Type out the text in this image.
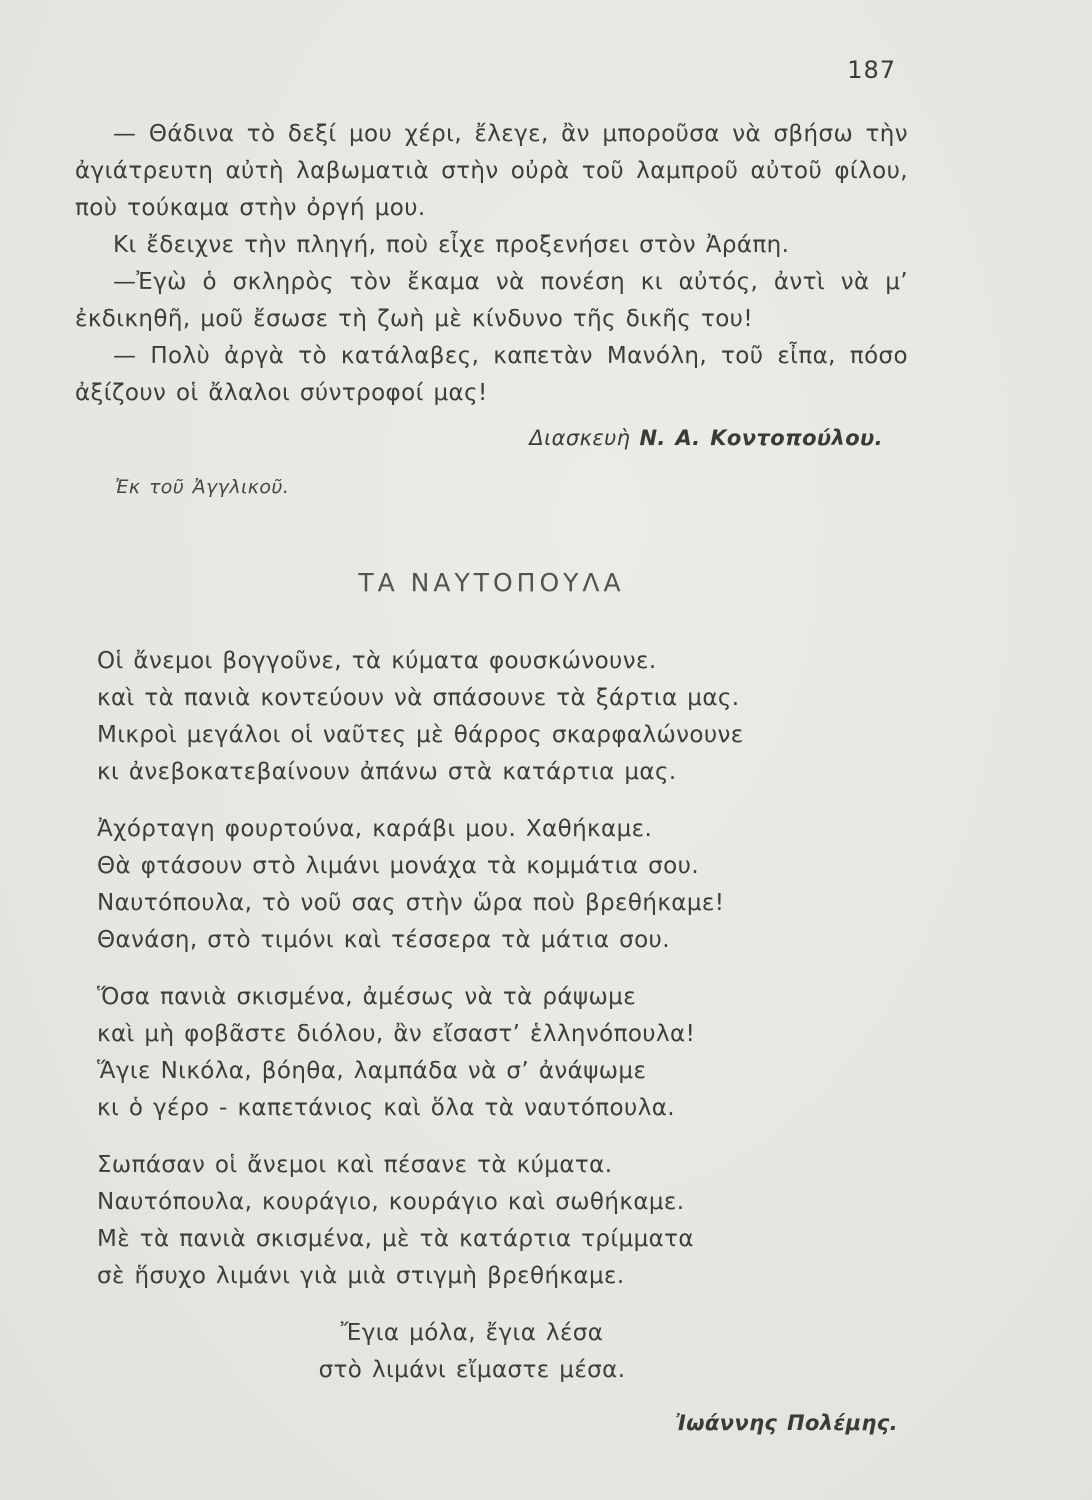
187

— Θάδινα τὸ δεξί μου χέρι, ἔλεγε, ἂν μποροῦσα νὰ σβήσω τὴν ἀγιάτρευτη αὐτὴ λαβωματιὰ στὴν οὐρὰ τοῦ λαμπροῦ αὐτοῦ φίλου, ποὺ τούκαμα στὴν ὀργή μου.

Κι ἔδειχνε τὴν πληγή, ποὺ εἶχε προξενήσει στὸν Ἀράπη.

—Ἐγὼ ὁ σκληρὸς τὸν ἔκαμα νὰ πονέση κι αὐτός, ἀντὶ νὰ μ’ ἐκδικηθῆ, μοῦ ἔσωσε τὴ ζωὴ μὲ κίνδυνο τῆς δικῆς του!

— Πολὺ ἀργὰ τὸ κατάλαβες, καπετὰν Μανόλη, τοῦ εἶπα, πόσο ἀξίζουν οἱ ἄλαλοι σύντροφοί μας!

Διασκευὴ Ν. Α. Κοντοπούλου.
Ἐκ τοῦ Ἀγγλικοῦ.
ΤΑ ΝΑΥΤΟΠΟΥΛΑ
Οἱ ἄνεμοι βογγοῦνε, τὰ κύματα φουσκώνουνε.
καὶ τὰ πανιὰ κοντεύουν νὰ σπάσουνε τὰ ξάρτια μας.
Μικροὶ μεγάλοι οἱ ναῦτες μὲ θάρρος σκαρφαλώνουνε
κι ἀνεβοκατεβαίνουν ἀπάνω στὰ κατάρτια μας.
Ἀχόρταγη φουρτούνα, καράβι μου. Χαθήκαμε.
Θὰ φτάσουν στὸ λιμάνι μονάχα τὰ κομμάτια σου.
Ναυτόπουλα, τὸ νοῦ σας στὴν ὥρα ποὺ βρεθήκαμε!
Θανάση, στὸ τιμόνι καὶ τέσσερα τὰ μάτια σου.
Ὅσα πανιὰ σκισμένα, ἀμέσως νὰ τὰ ράψωμε
καὶ μὴ φοβᾶστε διόλου, ἂν εἴσαστ’ ἑλληνόπουλα!
Ἅγιε Νικόλα, βόηθα, λαμπάδα νὰ σ’ ἀνάψωμε
κι ὁ γέρο - καπετάνιος καὶ ὅλα τὰ ναυτόπουλα.
Σωπάσαν οἱ ἄνεμοι καὶ πέσανε τὰ κύματα.
Ναυτόπουλα, κουράγιο, κουράγιο καὶ σωθήκαμε.
Μὲ τὰ πανιὰ σκισμένα, μὲ τὰ κατάρτια τρίμματα
σὲ ἥσυχο λιμάνι γιὰ μιὰ στιγμὴ βρεθήκαμε.
Ἔγια μόλα, ἔγια λέσα
στὸ λιμάνι εἴμαστε μέσα.
Ἰωάννης Πολέμης.
